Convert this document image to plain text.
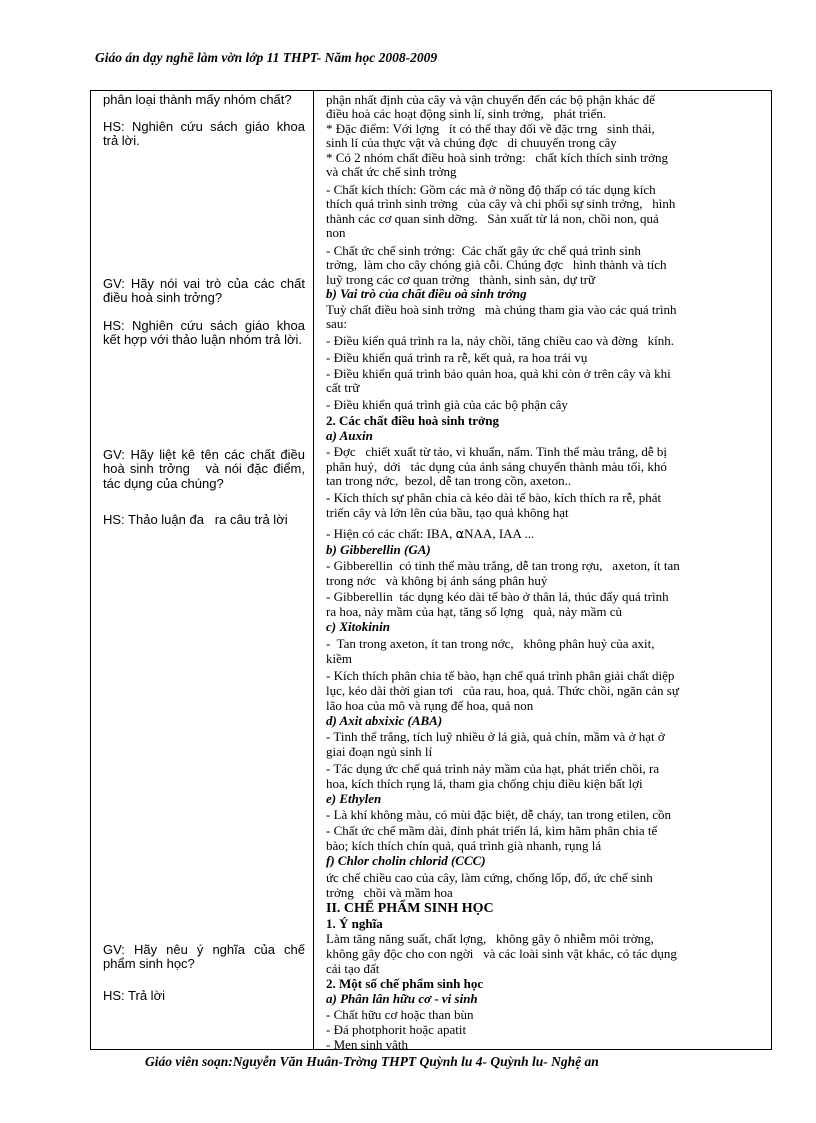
Giáo án dạy nghề làm vờn lớp 11 THPT- Năm học 2008-2009
phân loại thành mấy nhóm chất?
HS: Nghiên cứu sách giáo khoa trả lời.
GV: Hãy nói vai trò của các chất điều hoà sinh trởng?
HS: Nghiên cứu sách giáo khoa kết hợp với thảo luận nhóm trả lời.
GV: Hãy liệt kê tên các chất điều hoà sinh trởng   và nói đặc điểm, tác dụng của chúng?
HS: Thảo luận đa   ra câu trả lời
GV: Hãy nêu ý nghĩa của chế phẩm sinh học?
HS: Trả lời

phận nhất định của cây và vận chuyển đến các bộ phận khác để
điều hoà các hoạt động sinh lí, sinh trởng,   phát triển.
* Đặc điểm: Với lợng   ít có thể thay đổi về đặc trng   sinh thái,
sinh lí của thực vật và chúng đợc   di chuuyển trong cây
* Có 2 nhóm chất điều hoà sinh trởng:   chất kích thích sinh trởng
và chất ức chế sinh trởng
- Chất kích thích: Gồm các mà ở nồng độ thấp có tác dụng kích
thích quá trình sinh trởng   của cây và chi phối sự sinh trởng,   hình
thành các cơ quan sinh dỡng.   Sản xuất từ lá non, chồi non, quả
non
- Chất ức chế sinh trởng:  Các chất gây ức chế quá trình sinh
trởng,  làm cho cây chóng già cỗi. Chúng đợc   hình thành và tích
luỹ trong các cơ quan trởng   thành, sinh sản, dự trữ
b) Vai trò của chất điều oà sinh trởng
Tuỳ chất điều hoà sinh trởng   mà chúng tham gia vào các quá trình
sau:
- Điều kiển quá trình ra la, nảy chồi, tăng chiều cao và đờng   kính.
- Điều khiển quá trình ra rễ, kết quả, ra hoa trái vụ
- Điều khiển quá trình bảo quản hoa, quả khi còn ở trên cây và khi
cất trữ
- Điều khiển quá trình già của các bộ phận cây
2. Các chất điều hoà sinh trởng
a) Auxin
- Đợc   chiết xuất từ tảo, vi khuẩn, nấm. Tinh thể màu trắng, dễ bị
phân huỷ,  dới   tác dụng của ánh sáng chuyển thành màu tối, khó
tan trong nớc,  bezol, dễ tan trong cồn, axeton..
- Kích thích sự phân chia cà kéo dài tế bào, kích thích ra rễ, phát
triển cây và lớn lên của bầu, tạo quả không hạt
- Hiện có các chất: IBA, ⍺NAA, IAA ...
b) Gibberellin (GA)
- Gibberellin  có tinh thể màu trắng, dễ tan trong rợu,   axeton, ít tan
trong nớc   và không bị ánh sáng phân huỷ
- Gibberellin  tác dụng kéo dài tế bào ở thân lá, thúc đẩy quá trình
ra hoa, nảy mầm của hạt, tăng số lợng   quả, nảy mầm củ
c) Xitokinin
-  Tan trong axeton, ít tan trong nớc,   không phân huỷ của axit,
kiềm
- Kích thích phân chia tế bào, hạn chế quá trình phân giải chất diệp
lục, kéo dài thời gian tơi   của rau, hoa, quả. Thức chồi, ngăn cản sự
lão hoa của mô và rụng đế hoa, quả non
d) Axit abxixic (ABA)
- Tinh thể trắng, tích luỹ nhiều ở lá già, quả chín, mầm và ở hạt ở
giai đoạn ngủ sinh lí
- Tác dụng ức chế quá trình nảy mầm của hạt, phát triển chồi, ra
hoa, kích thích rụng lá, tham gia chống chịu điều kiện bất lợi
e) Ethylen
- Là khí không màu, có mùi đặc biệt, dễ cháy, tan trong etilen, cồn
- Chất ức chế mầm dài, đỉnh phát triển lá, kìm hãm phân chia tế
bào; kích thích chín quả, quá trình già nhanh, rụng lá
f) Chlor cholin chlorid (CCC)
ức chế chiều cao của cây, làm cứng, chống lốp, đổ, ức chế sinh
trởng   chồi và mầm hoa
II. CHẾ PHẨM SINH HỌC
1. Ý nghĩa
Làm tăng năng suất, chất lợng,   không gây ô nhiễm môi trờng,
không gây độc cho con ngời   và các loài sinh vật khác, có tác dụng
cải tạo đất
2. Một số chế phẩm sinh học
a) Phân lân hữu cơ - vi sinh
- Chất hữu cơ hoặc than bùn
- Đá photphorit hoặc apatit
- Men sinh vâth
Giáo viên soạn:Nguyễn Văn Huân-Trờng THPT Quỳnh lu 4- Quỳnh lu- Nghệ an
